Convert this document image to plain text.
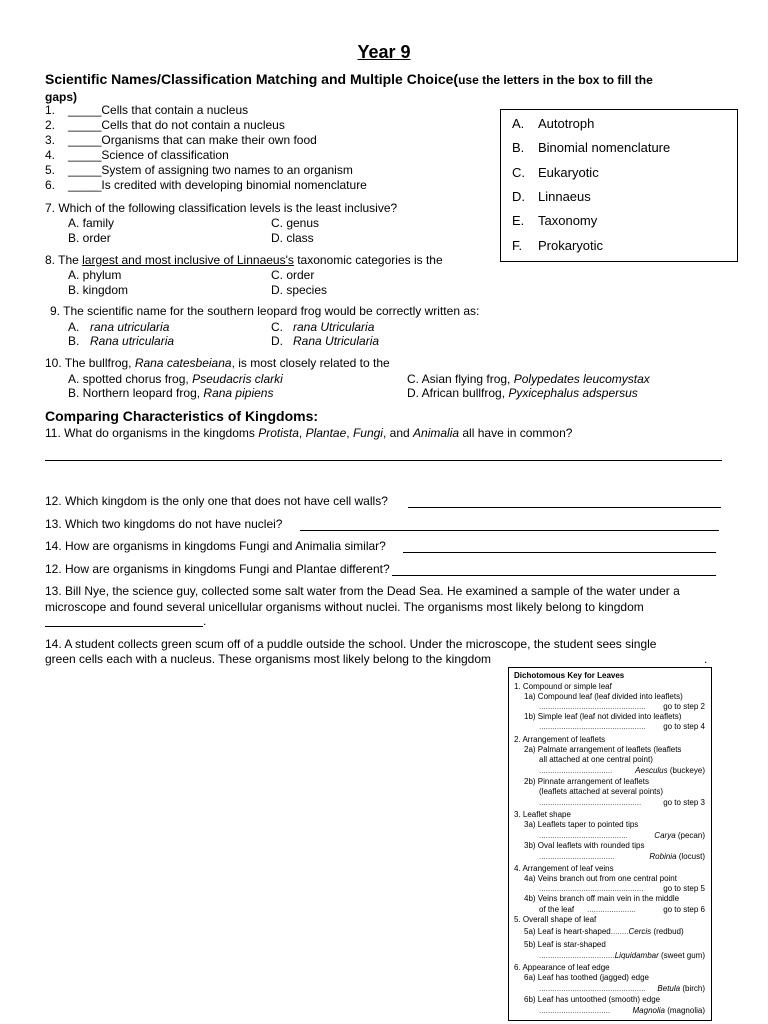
Year 9
Scientific Names/Classification Matching and Multiple Choice(use the letters in the box to fill the
gaps)
1. _____Cells that contain a nucleus
2. _____Cells that do not contain a nucleus
3. _____Organisms that can make their own food
4. _____Science of classification
5. _____System of assigning two names to an organism
6. _____Is credited with developing binomial nomenclature
A. Autotroph
B. Binomial nomenclature
C. Eukaryotic
D. Linnaeus
E. Taxonomy
F. Prokaryotic
7. Which of the following classification levels is the least inclusive?
A. family	C. genus
B. order	D. class
8. The largest and most inclusive of Linnaeus's taxonomic categories is the
A. phylum	C. order
B. kingdom	D. species
9. The scientific name for the southern leopard frog would be correctly written as:
A. rana utricularia	C. rana Utricularia
B. Rana utricularia	D. Rana Utricularia
10. The bullfrog, Rana catesbeiana, is most closely related to the
A. spotted chorus frog, Pseudacris clarki	C. Asian flying frog, Polypedates leucomystax
B. Northern leopard frog, Rana pipiens	D. African bullfrog, Pyxicephalus adspersus
Comparing Characteristics of Kingdoms:
11. What do organisms in the kingdoms Protista, Plantae, Fungi, and Animalia all have in common?
12. Which kingdom is the only one that does not have cell walls?
13. Which two kingdoms do not have nuclei?
14. How are organisms in kingdoms Fungi and Animalia similar?
12. How are organisms in kingdoms Fungi and Plantae different?
13. Bill Nye, the science guy, collected some salt water from the Dead Sea. He examined a sample of the water under a
microscope and found several unicellular organisms without nuclei. The organisms most likely belong to kingdom
.
14. A student collects green scum off of a puddle outside the school. Under the microscope, the student sees single
green cells each with a nucleus. These organisms most likely belong to the kingdom	.
Dichotomous Key for Leaves
1. Compound or simple leaf
1a) Compound leaf (leaf divided into leaflets)
................................................ go to step 2
1b) Simple leaf (leaf not divided into leaflets)
................................................ go to step 4
2. Arrangement of leaflets
2a) Palmate arrangement of leaflets (leaflets
all attached at one central point)
.................................	Aesculus (buckeye)
2b) Pinnate arrangement of leaflets
(leaflets attached at several points)
..............................................	go to step 3
3. Leaflet shape
3a) Leaflets taper to pointed tips
........................................	Carya (pecan)
3b) Oval leaflets with rounded tips
..................................	Robinia (locust)
4. Arrangement of leaf veins
4a) Veins branch out from one central point
............................................... go to step 5
4b) Veins branch off main vein in the middle
of the leaf ......................	go to step 6
5. Overall shape of leaf
5a) Leaf is heart-shaped........Cercis (redbud)
5b) Leaf is star-shaped
....................................
Liquidambar (sweet gum)
6. Appearance of leaf edge
6a) Leaf has toothed (jagged) edge
................................................ Betula (birch)
6b) Leaf has untoothed (smooth) edge
................................	Magnolia (magnolia)
